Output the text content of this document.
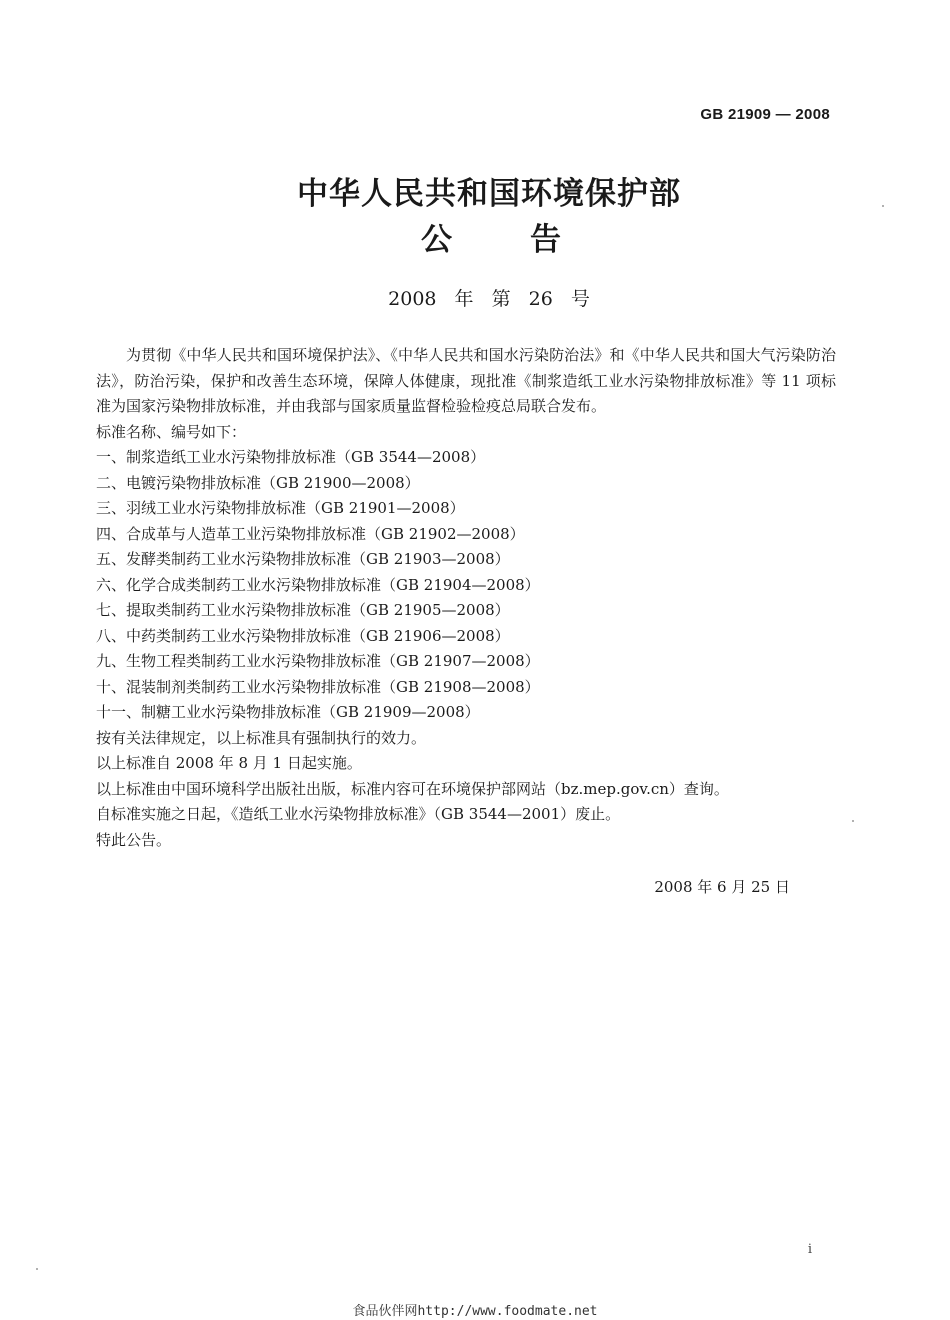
GB 21909 — 2008
中华人民共和国环境保护部
公告
2008 年 第 26 号

为贯彻《中华人民共和国环境保护法》、《中华人民共和国水污染防治法》和《中华人民共和国大气污染防治法》，防治污染，保护和改善生态环境，保障人体健康，现批准《制浆造纸工业水污染物排放标准》等 11 项标准为国家污染物排放标准，并由我部与国家质量监督检验检疫总局联合发布。

标准名称、编号如下：

一、制浆造纸工业水污染物排放标准（GB 3544—2008）

二、电镀污染物排放标准（GB 21900—2008）

三、羽绒工业水污染物排放标准（GB 21901—2008）

四、合成革与人造革工业污染物排放标准（GB 21902—2008）

五、发酵类制药工业水污染物排放标准（GB 21903—2008）

六、化学合成类制药工业水污染物排放标准（GB 21904—2008）

七、提取类制药工业水污染物排放标准（GB 21905—2008）

八、中药类制药工业水污染物排放标准（GB 21906—2008）

九、生物工程类制药工业水污染物排放标准（GB 21907—2008）

十、混装制剂类制药工业水污染物排放标准（GB 21908—2008）

十一、制糖工业水污染物排放标准（GB 21909—2008）

按有关法律规定，以上标准具有强制执行的效力。

以上标准自 2008 年 8 月 1 日起实施。

以上标准由中国环境科学出版社出版，标准内容可在环境保护部网站（bz.mep.gov.cn）查询。

自标准实施之日起，《造纸工业水污染物排放标准》（GB 3544—2001）废止。

特此公告。

2008 年 6 月 25 日
i
食品伙伴网http://www.foodmate.net
